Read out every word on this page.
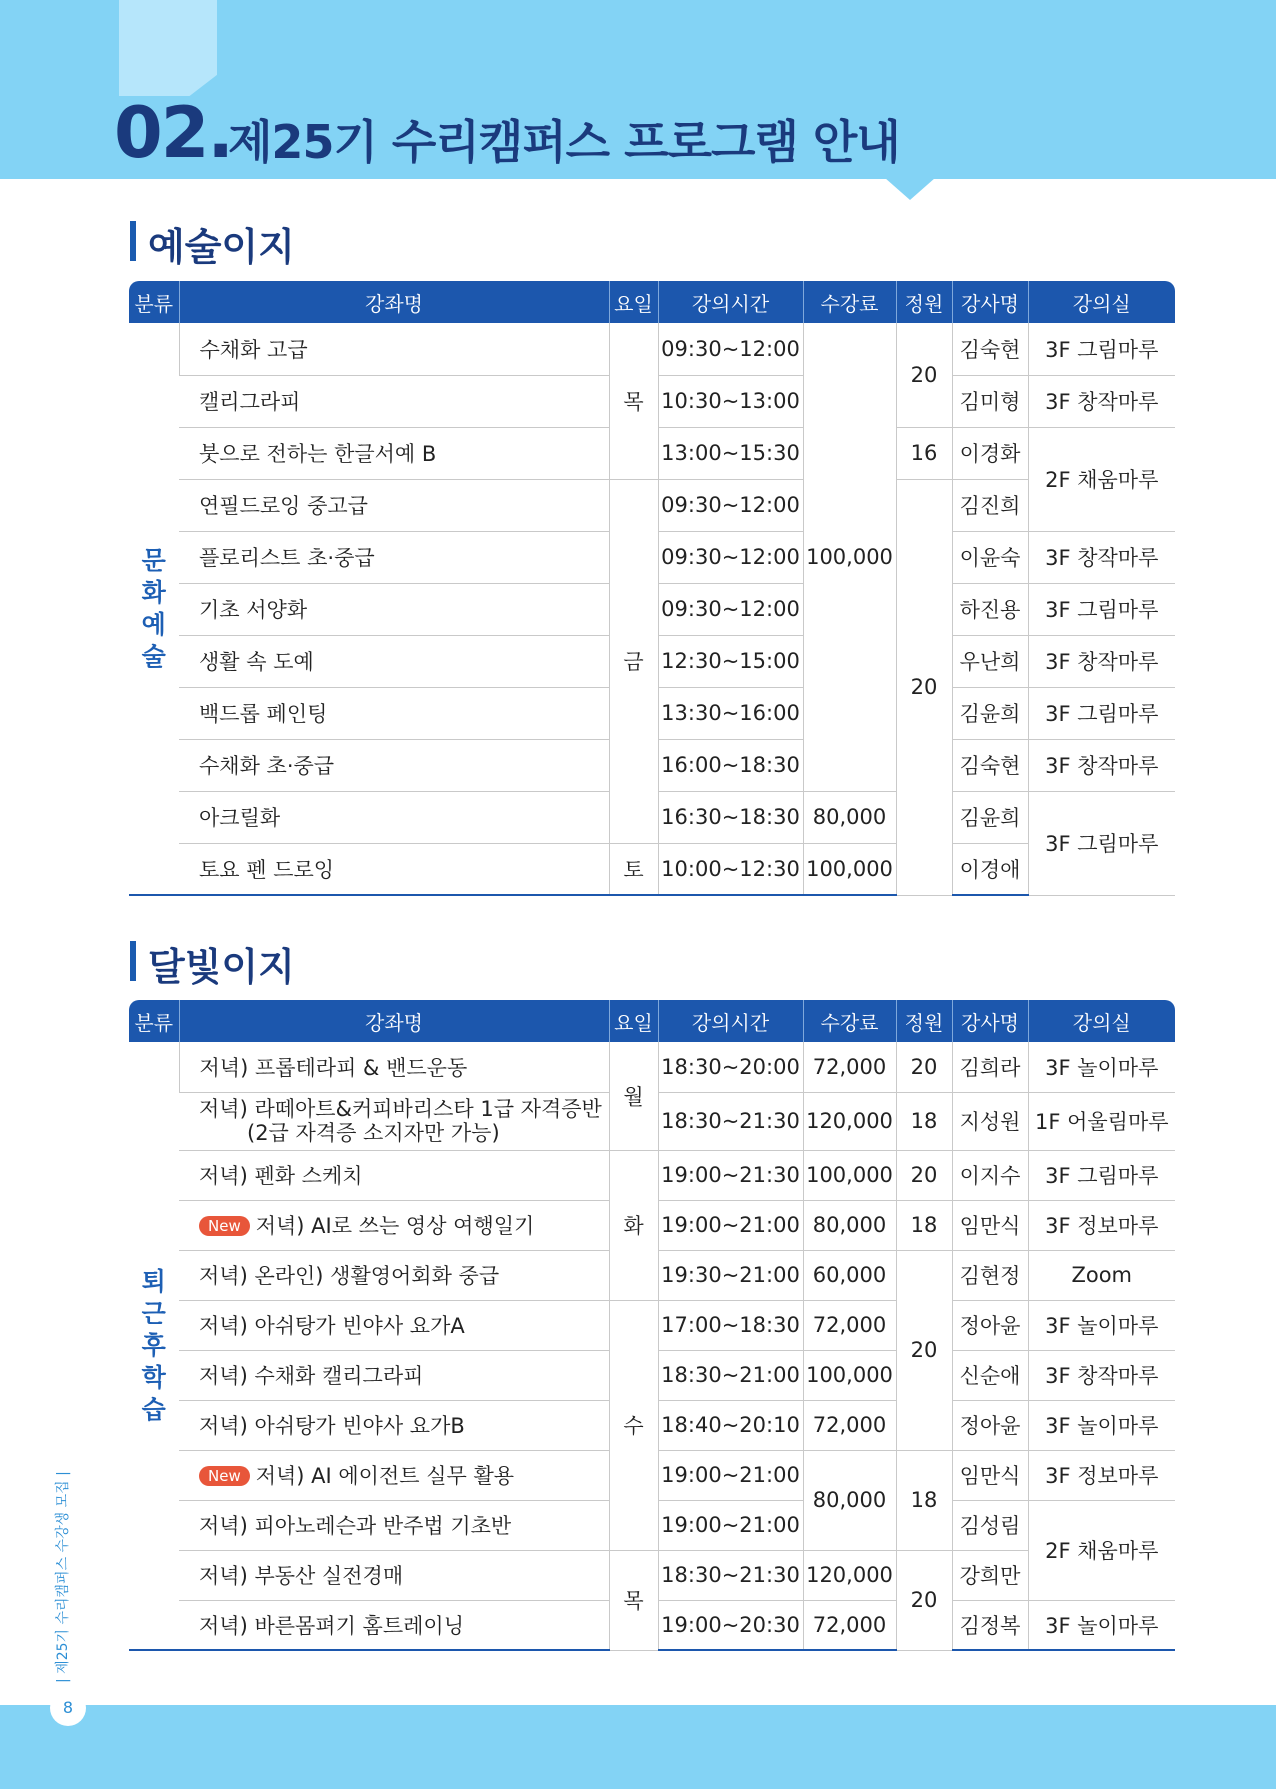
02.
제25기 수리캠퍼스 프로그램 안내
예술이지
분류	강좌명	요일	강의시간	수강료	정원	강사명	강의실

문
화
예
술	수채화 고급	목	09:30~12:00	100,000	20	김숙현	3F 그림마루
	캘리그라피		10:30~13:00			김미형	3F 창작마루
	붓으로 전하는 한글서예 B		13:00~15:30		16	이경화	2F 채움마루
	연필드로잉 중고급	금	09:30~12:00		20	김진희	
	플로리스트 초·중급		09:30~12:00			이윤숙	3F 창작마루
	기초 서양화		09:30~12:00			하진용	3F 그림마루
	생활 속 도예		12:30~15:00			우난희	3F 창작마루
	백드롭 페인팅		13:30~16:00			김윤희	3F 그림마루
	수채화 초·중급		16:00~18:30			김숙현	3F 창작마루
	아크릴화		16:30~18:30	80,000		김윤희	3F 그림마루
	토요 펜 드로잉	토	10:00~12:30	100,000		이경애	
달빛이지
분류	강좌명	요일	강의시간	수강료	정원	강사명	강의실

퇴
근
후
학
습	저녁) 프롭테라피 & 밴드운동	월	18:30~20:00	72,000	20	김희라	3F 놀이마루
	저녁) 라떼아트&커피바리스타 1급 자격증반
(2급 자격증 소지자만 가능)		18:30~21:30	120,000	18	지성원	1F 어울림마루
	저녁) 펜화 스케치	화	19:00~21:30	100,000	20	이지수	3F 그림마루
	New 저녁) AI로 쓰는 영상 여행일기		19:00~21:00	80,000	18	임만식	3F 정보마루
	저녁) 온라인) 생활영어회화 중급		19:30~21:00	60,000	20	김현정	Zoom
	저녁) 아쉬탕가 빈야사 요가A	수	17:00~18:30	72,000		정아윤	3F 놀이마루
	저녁) 수채화 캘리그라피		18:30~21:00	100,000		신순애	3F 창작마루
	저녁) 아쉬탕가 빈야사 요가B		18:40~20:10	72,000		정아윤	3F 놀이마루
	New 저녁) AI 에이전트 실무 활용		19:00~21:00	80,000	18	임만식	3F 정보마루
	저녁) 피아노레슨과 반주법 기초반		19:00~21:00			김성림	2F 채움마루
	저녁) 부동산 실전경매	목	18:30~21:30	120,000	20	강희만	
	저녁) 바른몸펴기 홈트레이닝		19:00~20:30	72,000		김정복	3F 놀이마루
| 제25기 수리캠퍼스 수강생 모집 |
8
